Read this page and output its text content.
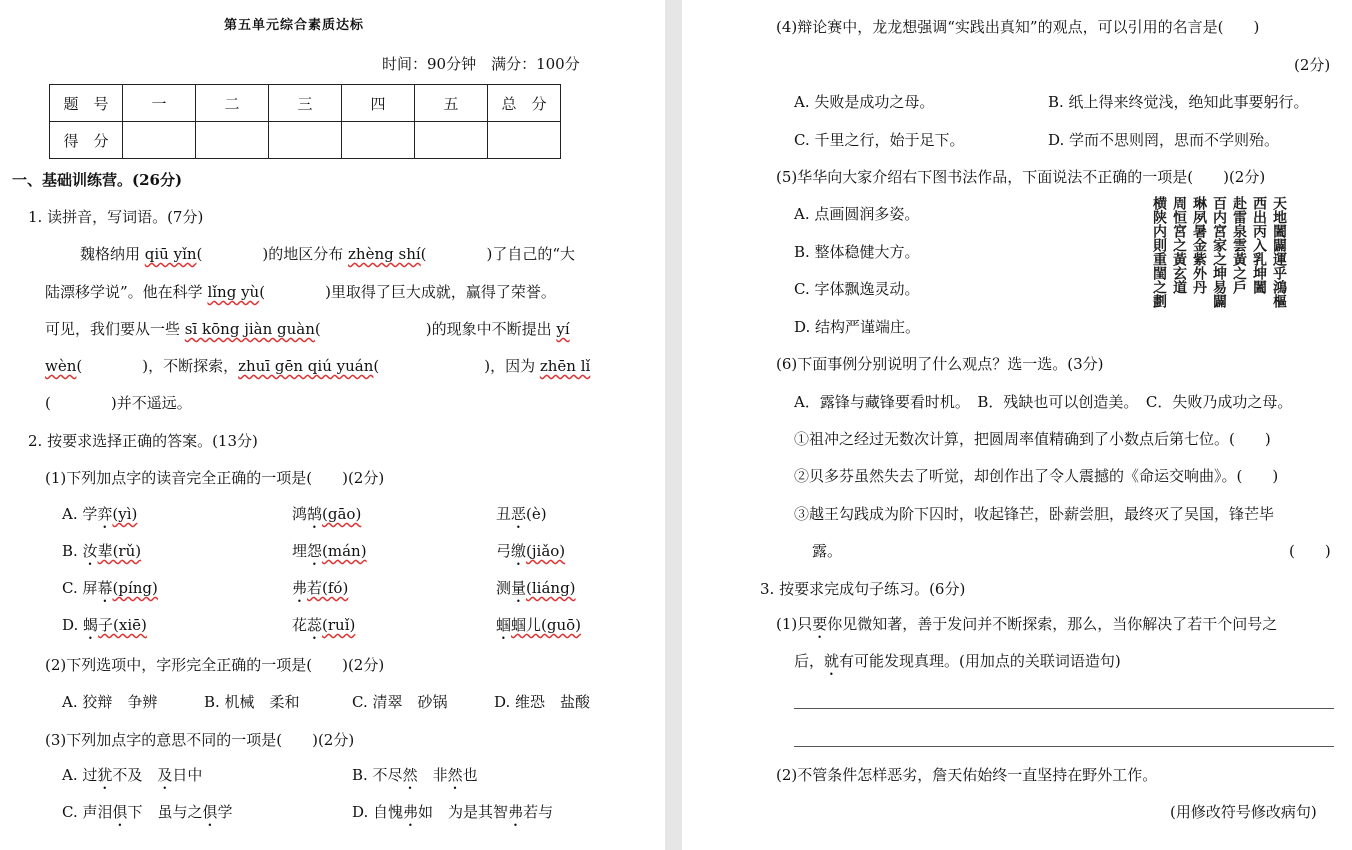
第五单元综合素质达标
时间：90分钟　满分：100分
题　号	一	二	三	四	五	总　分
得　分						
一、基础训练营。(26分)
1. 读拼音，写词语。(7分)
魏格纳用 qiū yǐn(　　　　)的地区分布 zhèng shí(　　　　)了自己的“大
陆漂移学说”。他在科学 lǐng yù(　　　　)里取得了巨大成就，赢得了荣誉。
可见，我们要从一些 sī kōng jiàn guàn(　　　　　　　)的现象中不断提出 yí
wèn(　　　　)，不断探索，zhuī gēn qiú yuán(　　　　　　　)，因为 zhēn lǐ
(　　　　)并不遥远。
2. 按要求选择正确的答案。(13分)
(1)下列加点字的读音完全正确的一项是(　　)(2分)
A. 学弈(yì)	鸿鹄(gāo)	丑恶(è)
B. 汝辈(rǔ)	埋怨(mán)	弓缴(jiǎo)
C. 屏幕(píng)	弗若(fó)	测量(liáng)
D. 蝎子(xiē)	花蕊(ruǐ)	蝈蝈儿(guō)
(2)下列选项中，字形完全正确的一项是(　　)(2分)
A. 狡辩　争辨	B. 机械　柔和	C. 清翠　砂锅	D. 维恐　盐酸
(3)下列加点字的意思不同的一项是(　　)(2分)
A. 过犹不及　及日中	B. 不尽然　非然也
C. 声泪俱下　虽与之俱学	D. 自愧弗如　为是其智弗若与
(4)辩论赛中，龙龙想强调“实践出真知”的观点，可以引用的名言是(　　)
(2分)
A. 失败是成功之母。	B. 纸上得来终觉浅，绝知此事要躬行。
C. 千里之行，始于足下。	D. 学而不思则罔，思而不学则殆。
(5)华华向大家介绍右下图书法作品，下面说法不正确的一项是(　　)(2分)
A. 点画圆润多姿。
B. 整体稳健大方。
C. 字体飘逸灵动。
D. 结构严谨端庄。
天地闔闢運乎鴻樞
西出丙入乳坤闔
赴雷泉雲黃之戶
百内宮家之坤易闢
琳夙暑金紫外丹
周恒宮之黃玄道
横陕内則重閨之劃
(6)下面事例分别说明了什么观点？选一选。(3分)
A．露锋与藏锋要看时机。　B．残缺也可以创造美。　C．失败乃成功之母。
①祖冲之经过无数次计算，把圆周率值精确到了小数点后第七位。(　　)
②贝多芬虽然失去了听觉，却创作出了令人震撼的《命运交响曲》。(　　)
③越王勾践成为阶下囚时，收起锋芒，卧薪尝胆，最终灭了吴国，锋芒毕
露。	(　　)
3. 按要求完成句子练习。(6分)
(1)只要你见微知著，善于发问并不断探索，那么，当你解决了若干个问号之
后，就有可能发现真理。(用加点的关联词语造句)
(2)不管条件怎样恶劣，詹天佑始终一直坚持在野外工作。
(用修改符号修改病句)
